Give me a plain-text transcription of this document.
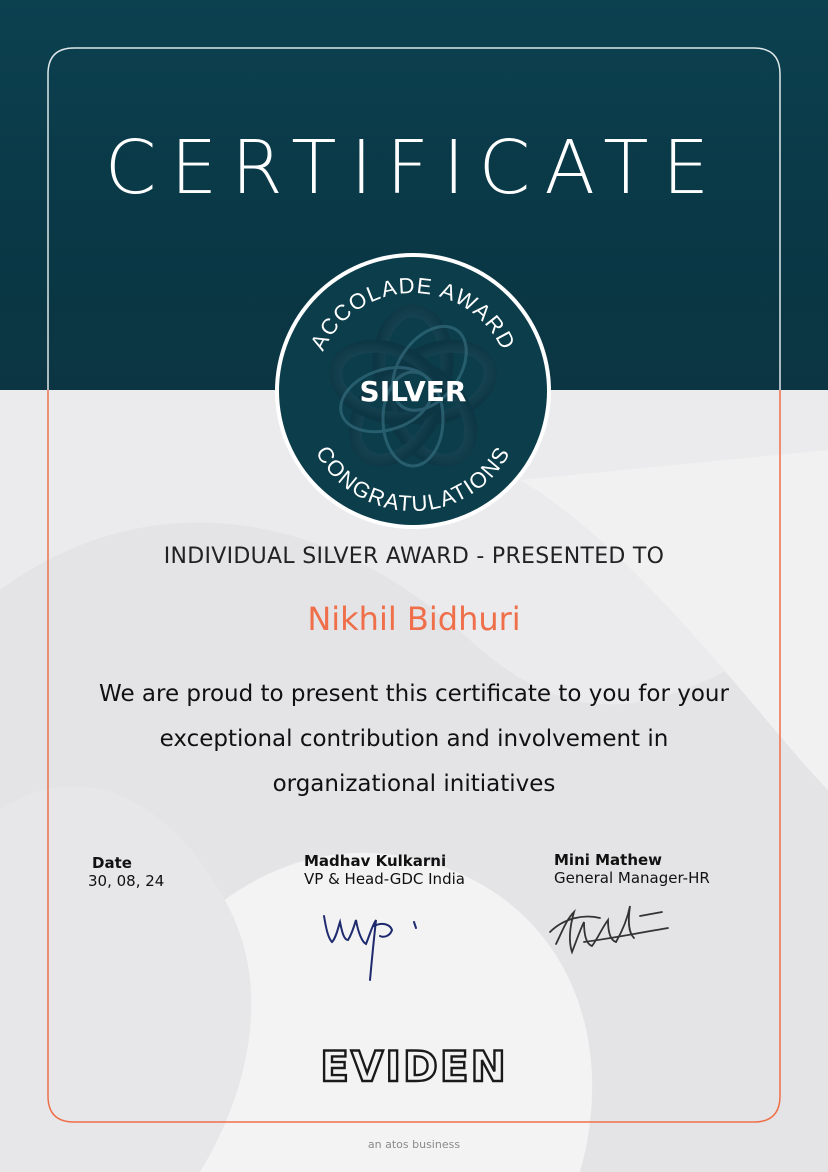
CERTIFICATE
ACCOLADE AWARD
SILVER
CONGRATULATIONS
INDIVIDUAL SILVER AWARD - PRESENTED TO
Nikhil Bidhuri
We are proud to present this certificate to you for your exceptional contribution and involvement in organizational initiatives
Date
30, 08, 24
Madhav Kulkarni
VP & Head-GDC India
Mini Mathew
General Manager-HR
EVIDEN
an atos business
